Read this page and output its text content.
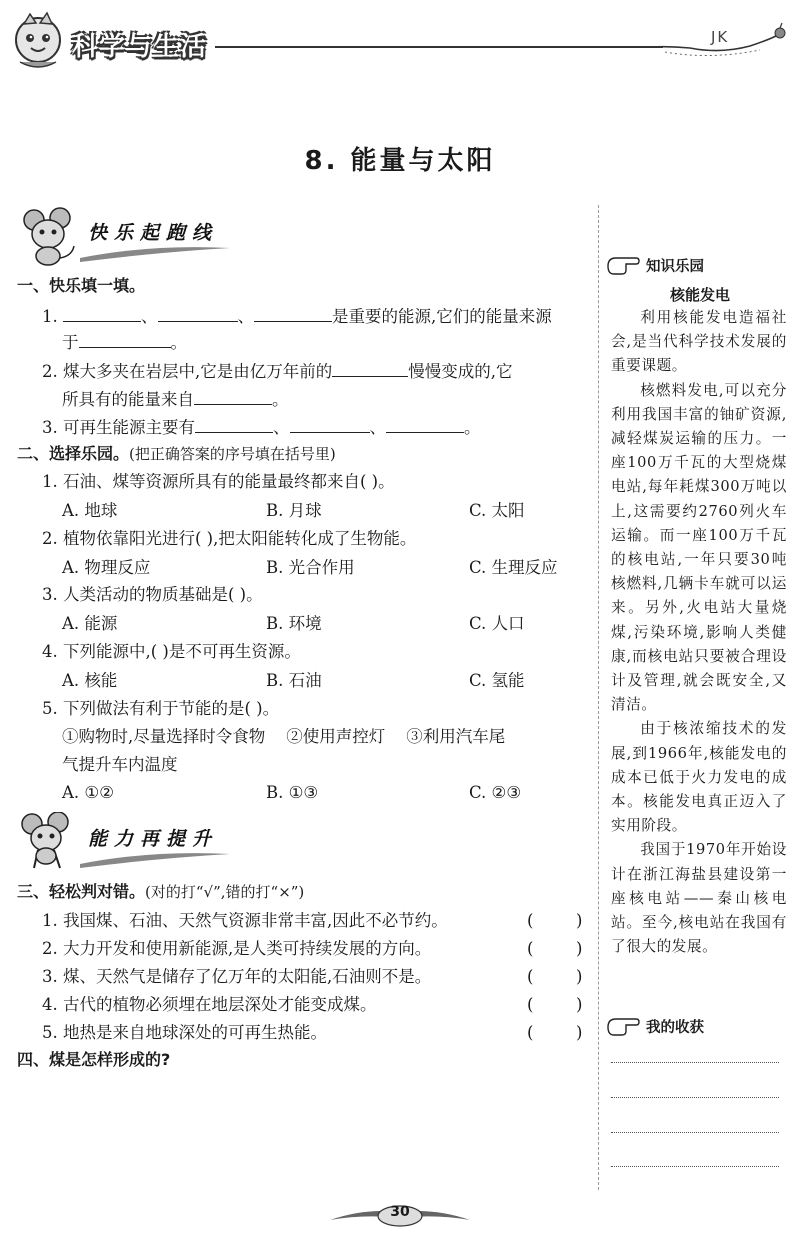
科学与生活	JK
8. 能量与太阳
快乐起跑线
一、快乐填一填。
1.	、	、	是重要的能源,它们的能量来源
于	。
2. 煤大多夹在岩层中,它是由亿万年前的	慢慢变成的,它
所具有的能量来自	。
3. 可再生能源主要有	、	、	。
二、选择乐园。(把正确答案的序号填在括号里)
1. 石油、煤等资源所具有的能量最终都来自( )。
A. 地球	B. 月球	C. 太阳
2. 植物依靠阳光进行( ),把太阳能转化成了生物能。
A. 物理反应	B. 光合作用	C. 生理反应
3. 人类活动的物质基础是( )。
A. 能源	B. 环境	C. 人口
4. 下列能源中,( )是不可再生资源。
A. 核能	B. 石油	C. 氢能
5. 下列做法有利于节能的是( )。
①购物时,尽量选择时令食物    ②使用声控灯    ③利用汽车尾
气提升车内温度
A. ①②	B. ①③	C. ②③
能力再提升
三、轻松判对错。(对的打“√”,错的打“×”)
1. 我国煤、石油、天然气资源非常丰富,因此不必节约。
2. 大力开发和使用新能源,是人类可持续发展的方向。
3. 煤、天然气是储存了亿万年的太阳能,石油则不是。
4. 古代的植物必须埋在地层深处才能变成煤。
5. 地热是来自地球深处的可再生热能。
(	)
(	)
(	)
(	)
(	)
四、煤是怎样形成的?
知识乐园
核能发电

利用核能发电造福社会,是当代科学技术发展的重要课题。

核燃料发电,可以充分利用我国丰富的铀矿资源,减轻煤炭运输的压力。一座100万千瓦的大型烧煤电站,每年耗煤300万吨以上,这需要约2760列火车运输。而一座100万千瓦的核电站,一年只要30吨核燃料,几辆卡车就可以运来。另外,火电站大量烧煤,污染环境,影响人类健康,而核电站只要被合理设计及管理,就会既安全,又清洁。

由于核浓缩技术的发展,到1966年,核能发电的成本已低于火力发电的成本。核能发电真正迈入了实用阶段。

我国于1970年开始设计在浙江海盐县建设第一座核电站——秦山核电站。至今,核电站在我国有了很大的发展。

我的收获
30
